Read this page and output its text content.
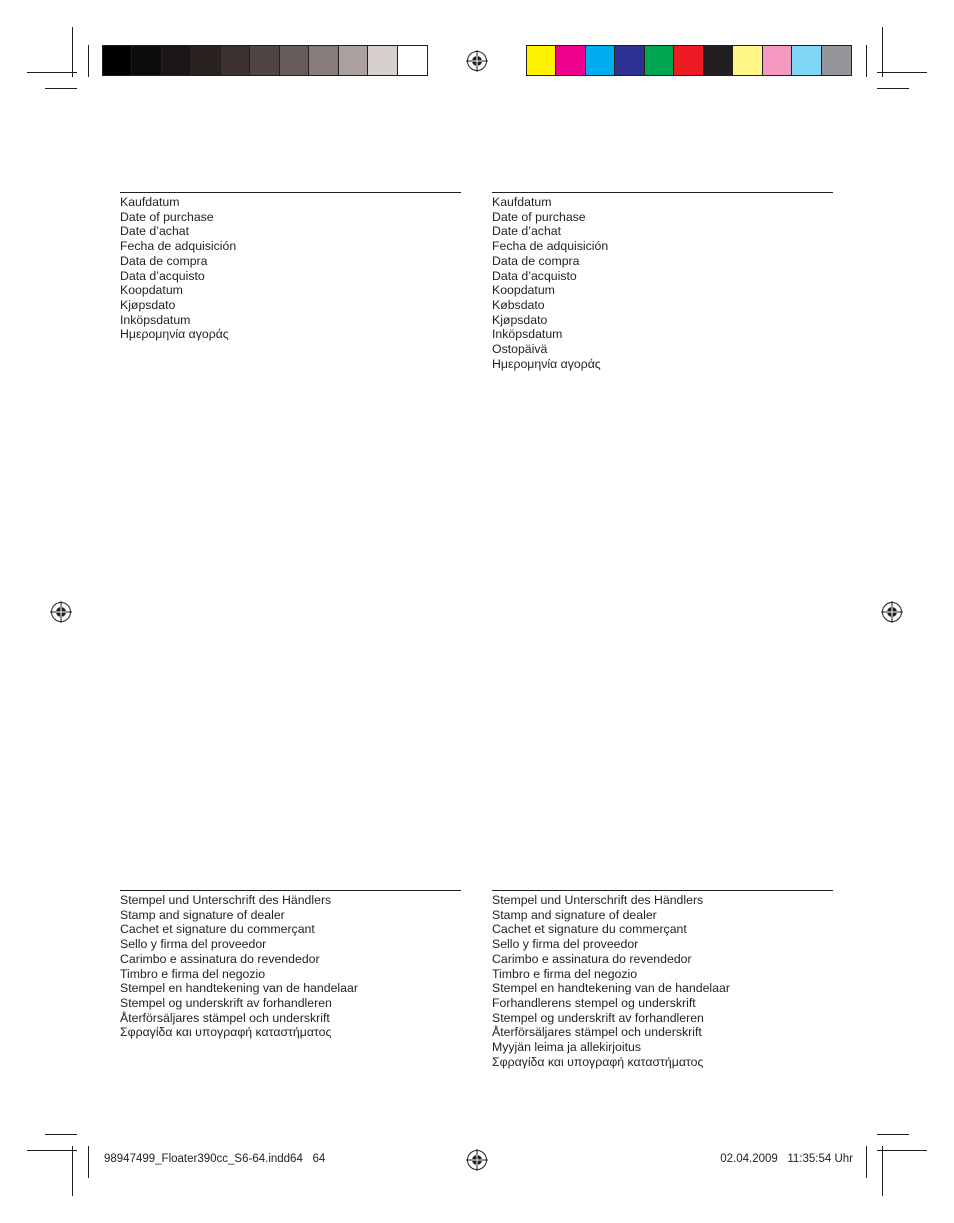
Kaufdatum
Date of purchase
Date d’achat
Fecha de adquisición
Data de compra
Data d’acquisto
Koopdatum
Kjøpsdato
Inköpsdatum
Ημερομηνία αγοράς
Kaufdatum
Date of purchase
Date d’achat
Fecha de adquisición
Data de compra
Data d’acquisto
Koopdatum
Købsdato
Kjøpsdato
Inköpsdatum
Ostopäivä
Ημερομηνία αγοράς
Stempel und Unterschrift des Händlers
Stamp and signature of dealer
Cachet et signature du commerçant
Sello y firma del proveedor
Carimbo e assinatura do revendedor
Timbro e firma del negozio
Stempel en handtekening van de handelaar
Stempel og underskrift av forhandleren
Återförsäljares stämpel och underskrift
Σφραγίδα και υπογραφή καταστήματος
Stempel und Unterschrift des Händlers
Stamp and signature of dealer
Cachet et signature du commerçant
Sello y firma del proveedor
Carimbo e assinatura do revendedor
Timbro e firma del negozio
Stempel en handtekening van de handelaar
Forhandlerens stempel og underskrift
Stempel og underskrift av forhandleren
Återförsäljares stämpel och underskrift
Myyjän leima ja allekirjoitus
Σφραγίδα και υπογραφή καταστήματος
98947499_Floater390cc_S6-64.indd64   64	02.04.2009   11:35:54 Uhr
